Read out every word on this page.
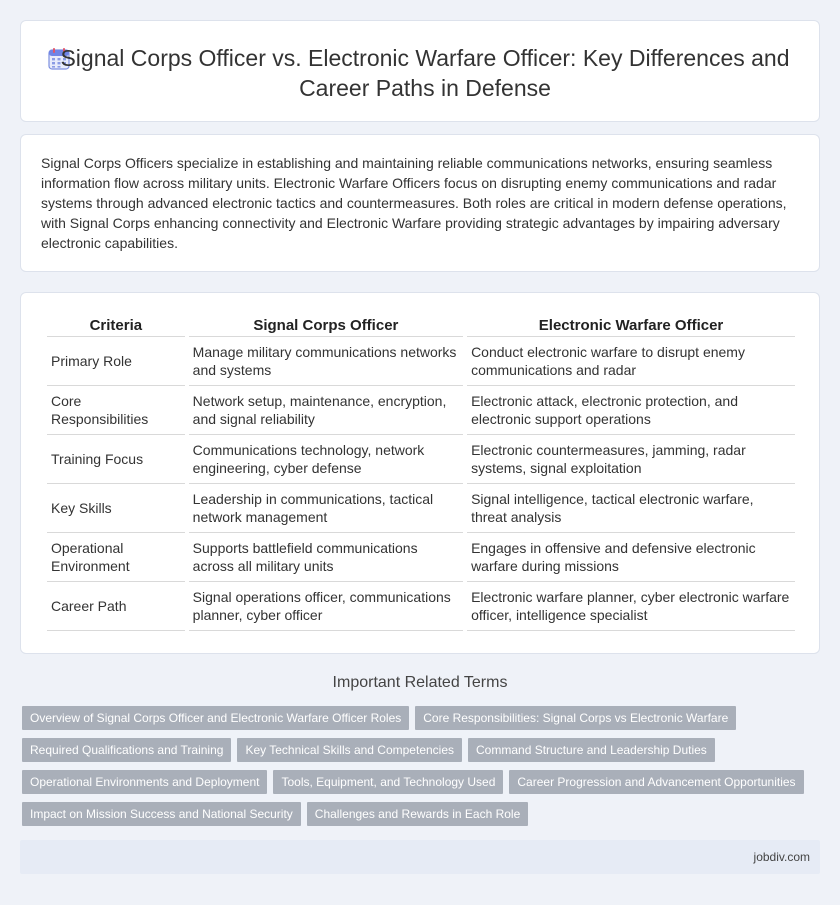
Signal Corps Officer vs. Electronic Warfare Officer: Key Differences and Career Paths in Defense

Signal Corps Officers specialize in establishing and maintaining reliable communications networks, ensuring seamless information flow across military units. Electronic Warfare Officers focus on disrupting enemy communications and radar systems through advanced electronic tactics and countermeasures. Both roles are critical in modern defense operations, with Signal Corps enhancing connectivity and Electronic Warfare providing strategic advantages by impairing adversary electronic capabilities.

Criteria	Signal Corps Officer	Electronic Warfare Officer
Primary Role	Manage military communications networks and systems	Conduct electronic warfare to disrupt enemy communications and radar
Core Responsibilities	Network setup, maintenance, encryption, and signal reliability	Electronic attack, electronic protection, and electronic support operations
Training Focus	Communications technology, network engineering, cyber defense	Electronic countermeasures, jamming, radar systems, signal exploitation
Key Skills	Leadership in communications, tactical network management	Signal intelligence, tactical electronic warfare, threat analysis
Operational Environment	Supports battlefield communications across all military units	Engages in offensive and defensive electronic warfare during missions
Career Path	Signal operations officer, communications planner, cyber officer	Electronic warfare planner, cyber electronic warfare officer, intelligence specialist
Important Related Terms
Overview of Signal Corps Officer and Electronic Warfare Officer Roles	Core Responsibilities: Signal Corps vs Electronic Warfare
Required Qualifications and Training	Key Technical Skills and Competencies	Command Structure and Leadership Duties
Operational Environments and Deployment	Tools, Equipment, and Technology Used	Career Progression and Advancement Opportunities
Impact on Mission Success and National Security	Challenges and Rewards in Each Role
jobdiv.com
